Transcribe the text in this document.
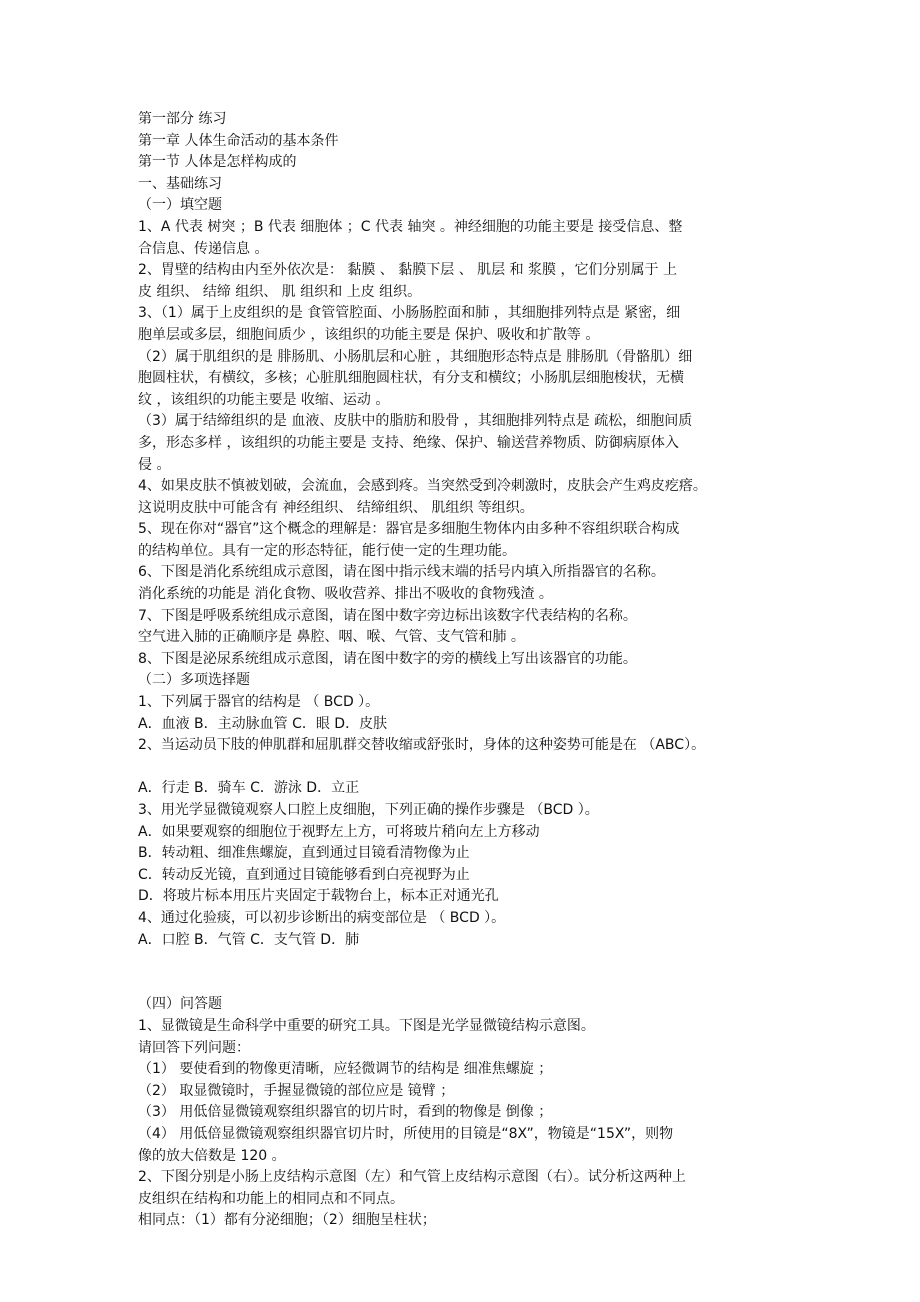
第一部分 练习
第一章 人体生命活动的基本条件
第一节 人体是怎样构成的
一、基础练习
（一）填空题
1、A 代表 树突 ；B 代表 细胞体 ；C 代表 轴突 。神经细胞的功能主要是 接受信息、整
合信息、传递信息 。
2、胃壁的结构由内至外依次是： 黏膜 、 黏膜下层 、 肌层 和 浆膜 ，它们分别属于 上
皮 组织、 结缔 组织、 肌 组织和 上皮 组织。
3、（1）属于上皮组织的是 食管管腔面、小肠肠腔面和肺 ，其细胞排列特点是 紧密，细
胞单层或多层，细胞间质少 ，该组织的功能主要是 保护、吸收和扩散等 。
（2）属于肌组织的是 腓肠肌、小肠肌层和心脏 ，其细胞形态特点是 腓肠肌（骨骼肌）细
胞圆柱状，有横纹，多核；心脏肌细胞圆柱状，有分支和横纹；小肠肌层细胞梭状，无横
纹 ，该组织的功能主要是 收缩、运动 。
（3）属于结缔组织的是 血液、皮肤中的脂肪和股骨 ，其细胞排列特点是 疏松，细胞间质
多，形态多样 ，该组织的功能主要是 支持、绝缘、保护、输送营养物质、防御病原体入
侵 。
4、如果皮肤不慎被划破，会流血，会感到疼。当突然受到冷刺激时，皮肤会产生鸡皮疙瘩。
这说明皮肤中可能含有 神经组织、 结缔组织、 肌组织 等组织。
5、现在你对“器官”这个概念的理解是：器官是多细胞生物体内由多种不容组织联合构成
的结构单位。具有一定的形态特征，能行使一定的生理功能。
6、下图是消化系统组成示意图，请在图中指示线末端的括号内填入所指器官的名称。
消化系统的功能是 消化食物、吸收营养、排出不吸收的食物残渣 。
7、下图是呼吸系统组成示意图，请在图中数字旁边标出该数字代表结构的名称。
空气进入肺的正确顺序是 鼻腔、咽、喉、气管、支气管和肺 。
8、下图是泌尿系统组成示意图，请在图中数字的旁的横线上写出该器官的功能。
（二）多项选择题
1、下列属于器官的结构是 （ BCD ）。
A．血液 B．主动脉血管 C．眼 D．皮肤
2、当运动员下肢的伸肌群和屈肌群交替收缩或舒张时，身体的这种姿势可能是在 （ABC）。
A．行走 B．骑车 C．游泳 D．立正
3、用光学显微镜观察人口腔上皮细胞，下列正确的操作步骤是 （BCD ）。
A．如果要观察的细胞位于视野左上方，可将玻片稍向左上方移动
B．转动粗、细准焦螺旋，直到通过目镜看清物像为止
C．转动反光镜，直到通过目镜能够看到白亮视野为止
D．将玻片标本用压片夹固定于载物台上，标本正对通光孔
4、通过化验痰，可以初步诊断出的病变部位是 （ BCD ）。
A．口腔 B．气管 C．支气管 D．肺
（四）问答题
1、显微镜是生命科学中重要的研究工具。下图是光学显微镜结构示意图。
请回答下列问题：
（1） 要使看到的物像更清晰，应轻微调节的结构是 细准焦螺旋 ；
（2） 取显微镜时，手握显微镜的部位应是 镜臂 ；
（3） 用低倍显微镜观察组织器官的切片时，看到的物像是 倒像 ；
（4） 用低倍显微镜观察组织器官切片时，所使用的目镜是“8X”，物镜是“15X”，则物
像的放大倍数是 120 。
2、下图分别是小肠上皮结构示意图（左）和气管上皮结构示意图（右）。试分析这两种上
皮组织在结构和功能上的相同点和不同点。
相同点：（1）都有分泌细胞；（2）细胞呈柱状；
